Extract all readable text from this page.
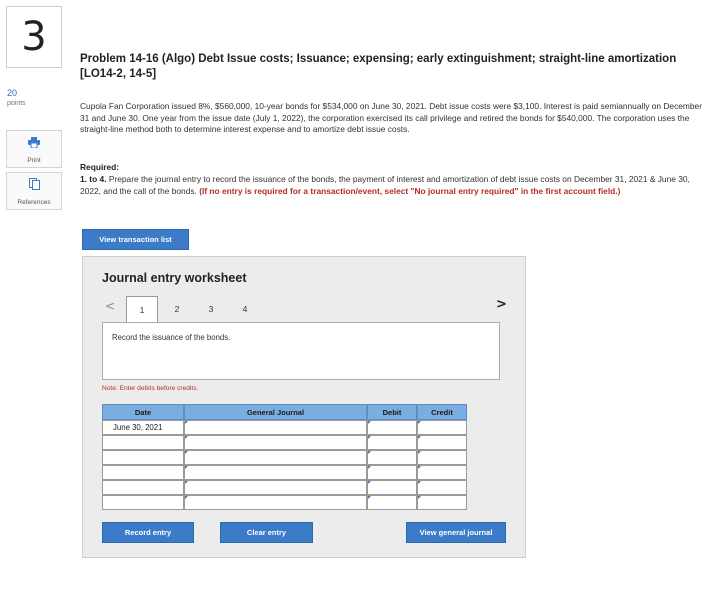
3
20
points
Print
References
Problem 14-16 (Algo) Debt Issue costs; Issuance; expensing; early extinguishment; straight-line amortization [LO14-2, 14-5]
Cupola Fan Corporation issued 8%, $560,000, 10-year bonds for $534,000 on June 30, 2021. Debt issue costs were $3,100. Interest is paid semiannually on December 31 and June 30. One year from the issue date (July 1, 2022), the corporation exercised its call privilege and retired the bonds for $540,000. The corporation uses the straight-line method both to determine interest expense and to amortize debt issue costs.
Required:
1. to 4. Prepare the journal entry to record the issuance of the bonds, the payment of interest and amortization of debt issue costs on December 31, 2021 & June 30, 2022, and the call of the bonds. (If no entry is required for a transaction/event, select "No journal entry required" in the first account field.)
View transaction list
Journal entry worksheet
<	1	2	3	4	>
Record the issuance of the bonds.
Note: Enter debits before credits.
Date	General Journal	Debit	Credit
June 30, 2021
Record entry	Clear entry	View general journal
